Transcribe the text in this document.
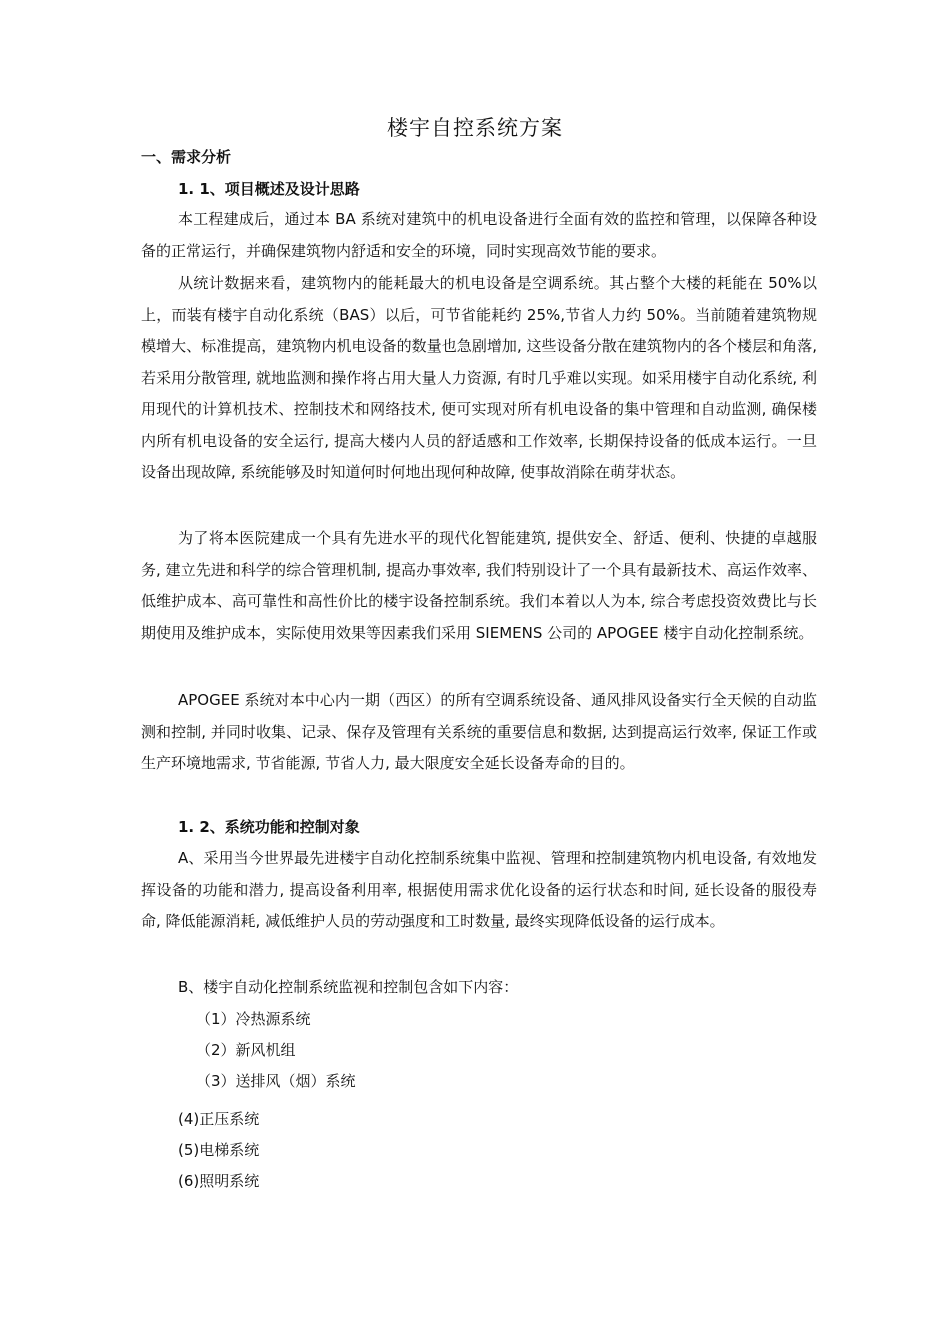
楼宇自控系统方案
一、需求分析
1. 1、项目概述及设计思路

本工程建成后，通过本 BA 系统对建筑中的机电设备进行全面有效的监控和管理，以保障各种设备的正常运行，并确保建筑物内舒适和安全的环境，同时实现高效节能的要求。

从统计数据来看，建筑物内的能耗最大的机电设备是空调系统。其占整个大楼的耗能在 50%以上，而装有楼宇自动化系统（BAS）以后，可节省能耗约 25%,节省人力约 50%。当前随着建筑物规模增大、标准提高，建筑物内机电设备的数量也急剧增加, 这些设备分散在建筑物内的各个楼层和角落, 若采用分散管理, 就地监测和操作将占用大量人力资源, 有时几乎难以实现。如采用楼宇自动化系统, 利用现代的计算机技术、控制技术和网络技术, 便可实现对所有机电设备的集中管理和自动监测, 确保楼内所有机电设备的安全运行, 提高大楼内人员的舒适感和工作效率, 长期保持设备的低成本运行。一旦设备出现故障, 系统能够及时知道何时何地出现何种故障, 使事故消除在萌芽状态。

为了将本医院建成一个具有先进水平的现代化智能建筑, 提供安全、舒适、便利、快捷的卓越服务, 建立先进和科学的综合管理机制, 提高办事效率, 我们特别设计了一个具有最新技术、高运作效率、低维护成本、高可靠性和高性价比的楼宇设备控制系统。我们本着以人为本, 综合考虑投资效费比与长期使用及维护成本，实际使用效果等因素我们采用 SIEMENS 公司的 APOGEE 楼宇自动化控制系统。

APOGEE 系统对本中心内一期（西区）的所有空调系统设备、通风排风设备实行全天候的自动监测和控制, 并同时收集、记录、保存及管理有关系统的重要信息和数据, 达到提高运行效率, 保证工作或生产环境地需求, 节省能源, 节省人力, 最大限度安全延长设备寿命的目的。

1. 2、系统功能和控制对象

A、采用当今世界最先进楼宇自动化控制系统集中监视、管理和控制建筑物内机电设备, 有效地发挥设备的功能和潜力, 提高设备利用率, 根据使用需求优化设备的运行状态和时间, 延长设备的服役寿命, 降低能源消耗, 减低维护人员的劳动强度和工时数量, 最终实现降低设备的运行成本。

B、楼宇自动化控制系统监视和控制包含如下内容：

（1）冷热源系统
（2）新风机组
（3）送排风（烟）系统
(4)正压系统
(5)电梯系统
(6)照明系统
